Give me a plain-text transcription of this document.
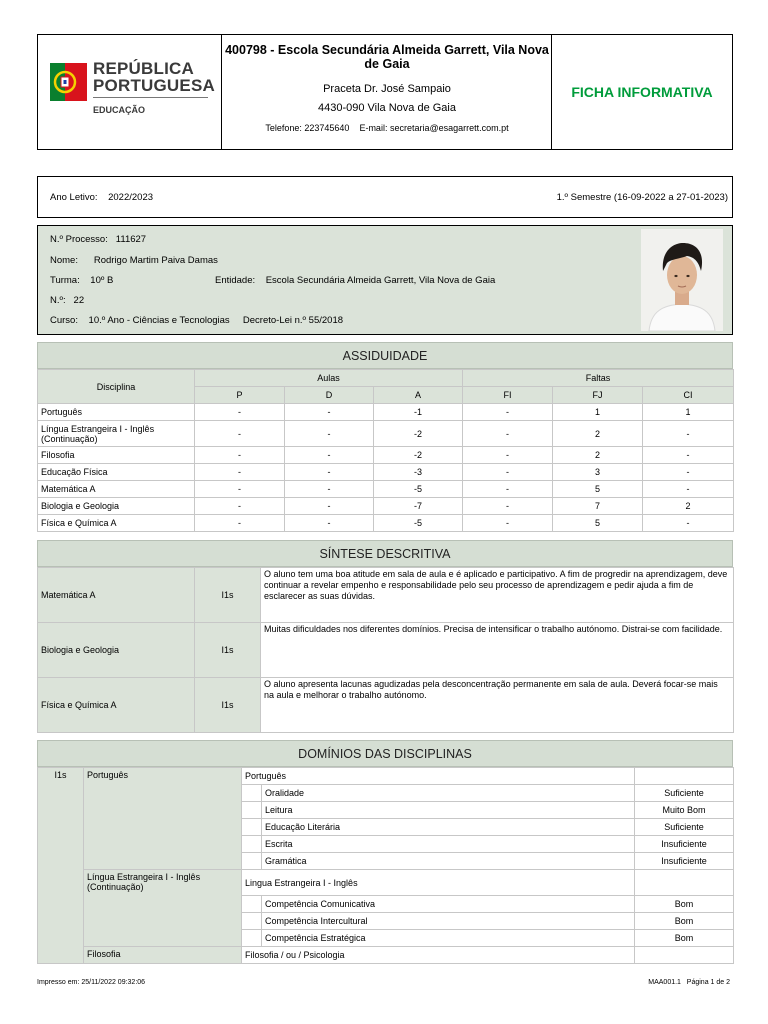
REPÚBLICA
PORTUGUESA
EDUCAÇÃO
400798 - Escola Secundária Almeida Garrett, Vila Nova de Gaia
Praceta Dr. José Sampaio
4430-090 Vila Nova de Gaia
Telefone: 223745640    E-mail: secretaria@esagarrett.com.pt
FICHA INFORMATIVA
Ano Letivo: 2022/2023	1.º Semestre (16-09-2022 a 27-01-2023)
N.º Processo: 111627
Nome: Rodrigo Martim Paiva Damas
Turma: 10º B	Entidade: Escola Secundária Almeida Garrett, Vila Nova de Gaia
N.º: 22
Curso: 10.º Ano - Ciências e Tecnologias Decreto-Lei n.º 55/2018
ASSIDUIDADE
Disciplina	Aulas			Faltas		
	P	D	A	FI	FJ	CI
Português	-	-	-1	-	1	1
Língua Estrangeira I - Inglês (Continuação)	-	-	-2	-	2	-
Filosofia	-	-	-2	-	2	-
Educação Física	-	-	-3	-	3	-
Matemática A	-	-	-5	-	5	-
Biologia e Geologia	-	-	-7	-	7	2
Física e Química A	-	-	-5	-	5	-
SÍNTESE DESCRITIVA
Matemática A	I1s	O aluno tem uma boa atitude em sala de aula e é aplicado e participativo. A fim de progredir na aprendizagem, deve continuar a revelar empenho e responsabilidade pelo seu processo de aprendizagem e pedir ajuda a fim de esclarecer as suas dúvidas.
Biologia e Geologia	I1s	Muitas dificuldades nos diferentes domínios. Precisa de intensificar o trabalho autónomo. Distrai-se com facilidade.
Física e Química A	I1s	O aluno apresenta lacunas agudizadas pela desconcentração permanente em sala de aula. Deverá focar-se mais na aula e melhorar o trabalho autónomo.
DOMÍNIOS DAS DISCIPLINAS
I1s	Português	Português		
			Oralidade	Suficiente
			Leitura	Muito Bom
			Educação Literária	Suficiente
			Escrita	Insuficiente
			Gramática	Insuficiente
	Língua Estrangeira I - Inglês (Continuação)	Lingua Estrangeira I - Inglês		
			Competência Comunicativa	Bom
			Competência Intercultural	Bom
			Competência Estratégica	Bom
	Filosofia	Filosofia / ou / Psicologia		
Impresso em: 25/11/2022 09:32:06	MAA001.1   Página 1 de 2
